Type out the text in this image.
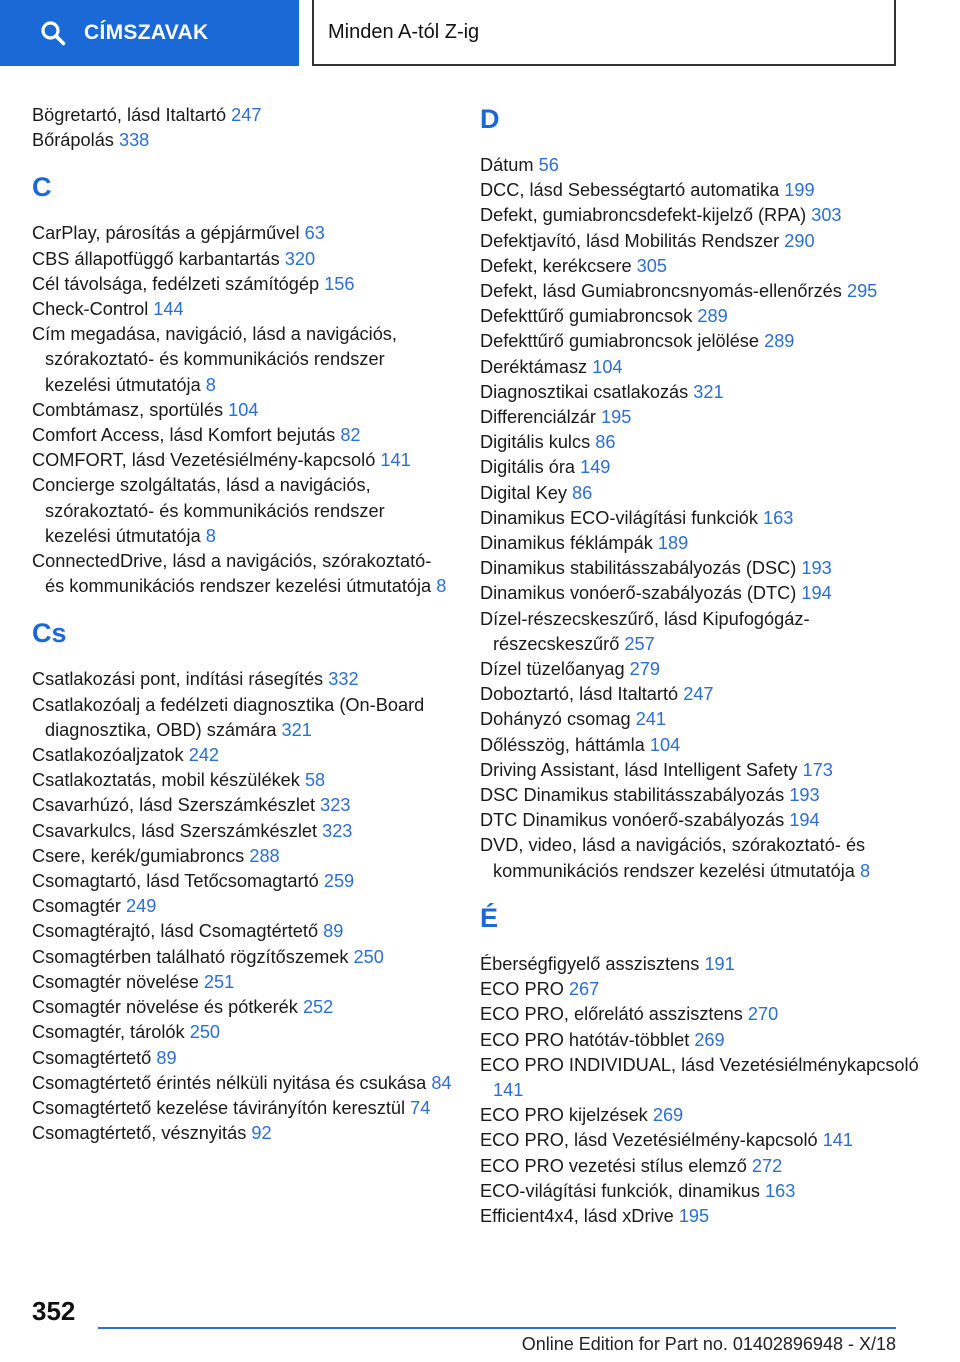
CÍMSZAVAK	Minden A-tól Z-ig
Bögretartó, lásd Italtartó 247
Bőrápolás 338
C
CarPlay, párosítás a gépjárművel 63
CBS állapotfüggő karbantartás 320
Cél távolsága, fedélzeti számítógép 156
Check-Control 144
Cím megadása, navigáció, lásd a navigációs, szórakoztató- és kommunikációs rendszer kezelési útmutatója 8
Combtámasz, sportülés 104
Comfort Access, lásd Komfort bejutás 82
COMFORT, lásd Vezetésiélmény-kapcsoló 141
Concierge szolgáltatás, lásd a navigációs, szórakoztató- és kommunikációs rendszer kezelési útmutatója 8
ConnectedDrive, lásd a navigációs, szórakoztató- és kommunikációs rendszer kezelési útmutatója 8
Cs
Csatlakozási pont, indítási rásegítés 332
Csatlakozóalj a fedélzeti diagnosztika (On-Board diagnosztika, OBD) számára 321
Csatlakozóaljzatok 242
Csatlakoztatás, mobil készülékek 58
Csavarhúzó, lásd Szerszámkészlet 323
Csavarkulcs, lásd Szerszámkészlet 323
Csere, kerék/gumiabroncs 288
Csomagtartó, lásd Tetőcsomagtartó 259
Csomagtér 249
Csomagtérajtó, lásd Csomagtértető 89
Csomagtérben található rögzítőszemek 250
Csomagtér növelése 251
Csomagtér növelése és pótkerék 252
Csomagtér, tárolók 250
Csomagtértető 89
Csomagtértető érintés nélküli nyitása és csukása 84
Csomagtértető kezelése távirányítón keresztül 74
Csomagtértető, vésznyitás 92
D
Dátum 56
DCC, lásd Sebességtartó automatika 199
Defekt, gumiabroncsdefekt-kijelző (RPA) 303
Defektjavító, lásd Mobilitás Rendszer 290
Defekt, kerékcsere 305
Defekt, lásd Gumiabroncsnyomás-ellenőrzés 295
Defekttűrő gumiabroncsok 289
Defekttűrő gumiabroncsok jelölése 289
Deréktámasz 104
Diagnosztikai csatlakozás 321
Differenciálzár 195
Digitális kulcs 86
Digitális óra 149
Digital Key 86
Dinamikus ECO-világítási funkciók 163
Dinamikus féklámpák 189
Dinamikus stabilitásszabályozás (DSC) 193
Dinamikus vonóerő-szabályozás (DTC) 194
Dízel-részecskeszűrő, lásd Kipufogógáz-részecskeszűrő 257
Dízel tüzelőanyag 279
Doboztartó, lásd Italtartó 247
Dohányzó csomag 241
Dőlésszög, háttámla 104
Driving Assistant, lásd Intelligent Safety 173
DSC Dinamikus stabilitásszabályozás 193
DTC Dinamikus vonóerő-szabályozás 194
DVD, video, lásd a navigációs, szórakoztató- és kommunikációs rendszer kezelési útmutatója 8
É
Éberségfigyelő asszisztens 191
ECO PRO 267
ECO PRO, előrelátó asszisztens 270
ECO PRO hatótáv-többlet 269
ECO PRO INDIVIDUAL, lásd Vezetésiélménykapcsoló 141
ECO PRO kijelzések 269
ECO PRO, lásd Vezetésiélmény-kapcsoló 141
ECO PRO vezetési stílus elemző 272
ECO-világítási funkciók, dinamikus 163
Efficient4x4, lásd xDrive 195
352
Online Edition for Part no. 01402896948 - X/18
